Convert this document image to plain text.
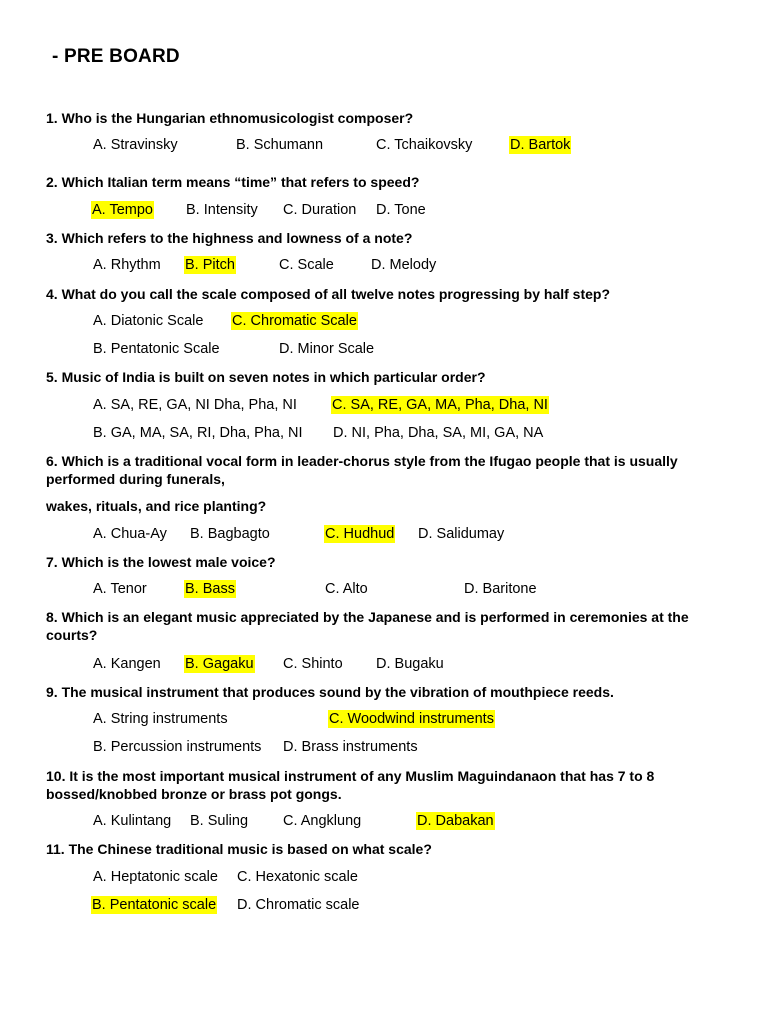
- PRE BOARD
1. Who is the Hungarian ethnomusicologist composer?
A. Stravinsky	B. Schumann	C. Tchaikovsky	D. Bartok
2. Which Italian term means “time” that refers to speed?
A. Tempo B. Intensity C. Duration D. Tone
3. Which refers to the highness and lowness of a note?
A. Rhythm B. Pitch	C. Scale	D. Melody
4. What do you call the scale composed of all twelve notes progressing by half step?
A. Diatonic Scale C. Chromatic Scale
B. Pentatonic Scale	D. Minor Scale
5. Music of India is built on seven notes in which particular order?
A. SA, RE, GA, NI Dha, Pha, NI C. SA, RE, GA, MA, Pha, Dha, NI
B. GA, MA, SA, RI, Dha, Pha, NI D. NI, Pha, Dha, SA, MI, GA, NA
6. Which is a traditional vocal form in leader-chorus style from the Ifugao people that is usually performed during funerals,
wakes, rituals, and rice planting?
A. Chua-Ay B. Bagbagto	C. Hudhud D. Salidumay
7. Which is the lowest male voice?
A. Tenor	B. Bass	C. Alto	D. Baritone
8. Which is an elegant music appreciated by the Japanese and is performed in ceremonies at the courts?
A. Kangen B. Gagaku C. Shinto D. Bugaku
9. The musical instrument that produces sound by the vibration of mouthpiece reeds.
A. String instruments	C. Woodwind instruments
B. Percussion instruments D. Brass instruments
10. It is the most important musical instrument of any Muslim Maguindanaon that has 7 to 8 bossed/knobbed bronze or brass pot gongs.
A. Kulintang B. Suling C. Angklung	D. Dabakan
11. The Chinese traditional music is based on what scale?
A. Heptatonic scale C. Hexatonic scale
B. Pentatonic scale D. Chromatic scale
